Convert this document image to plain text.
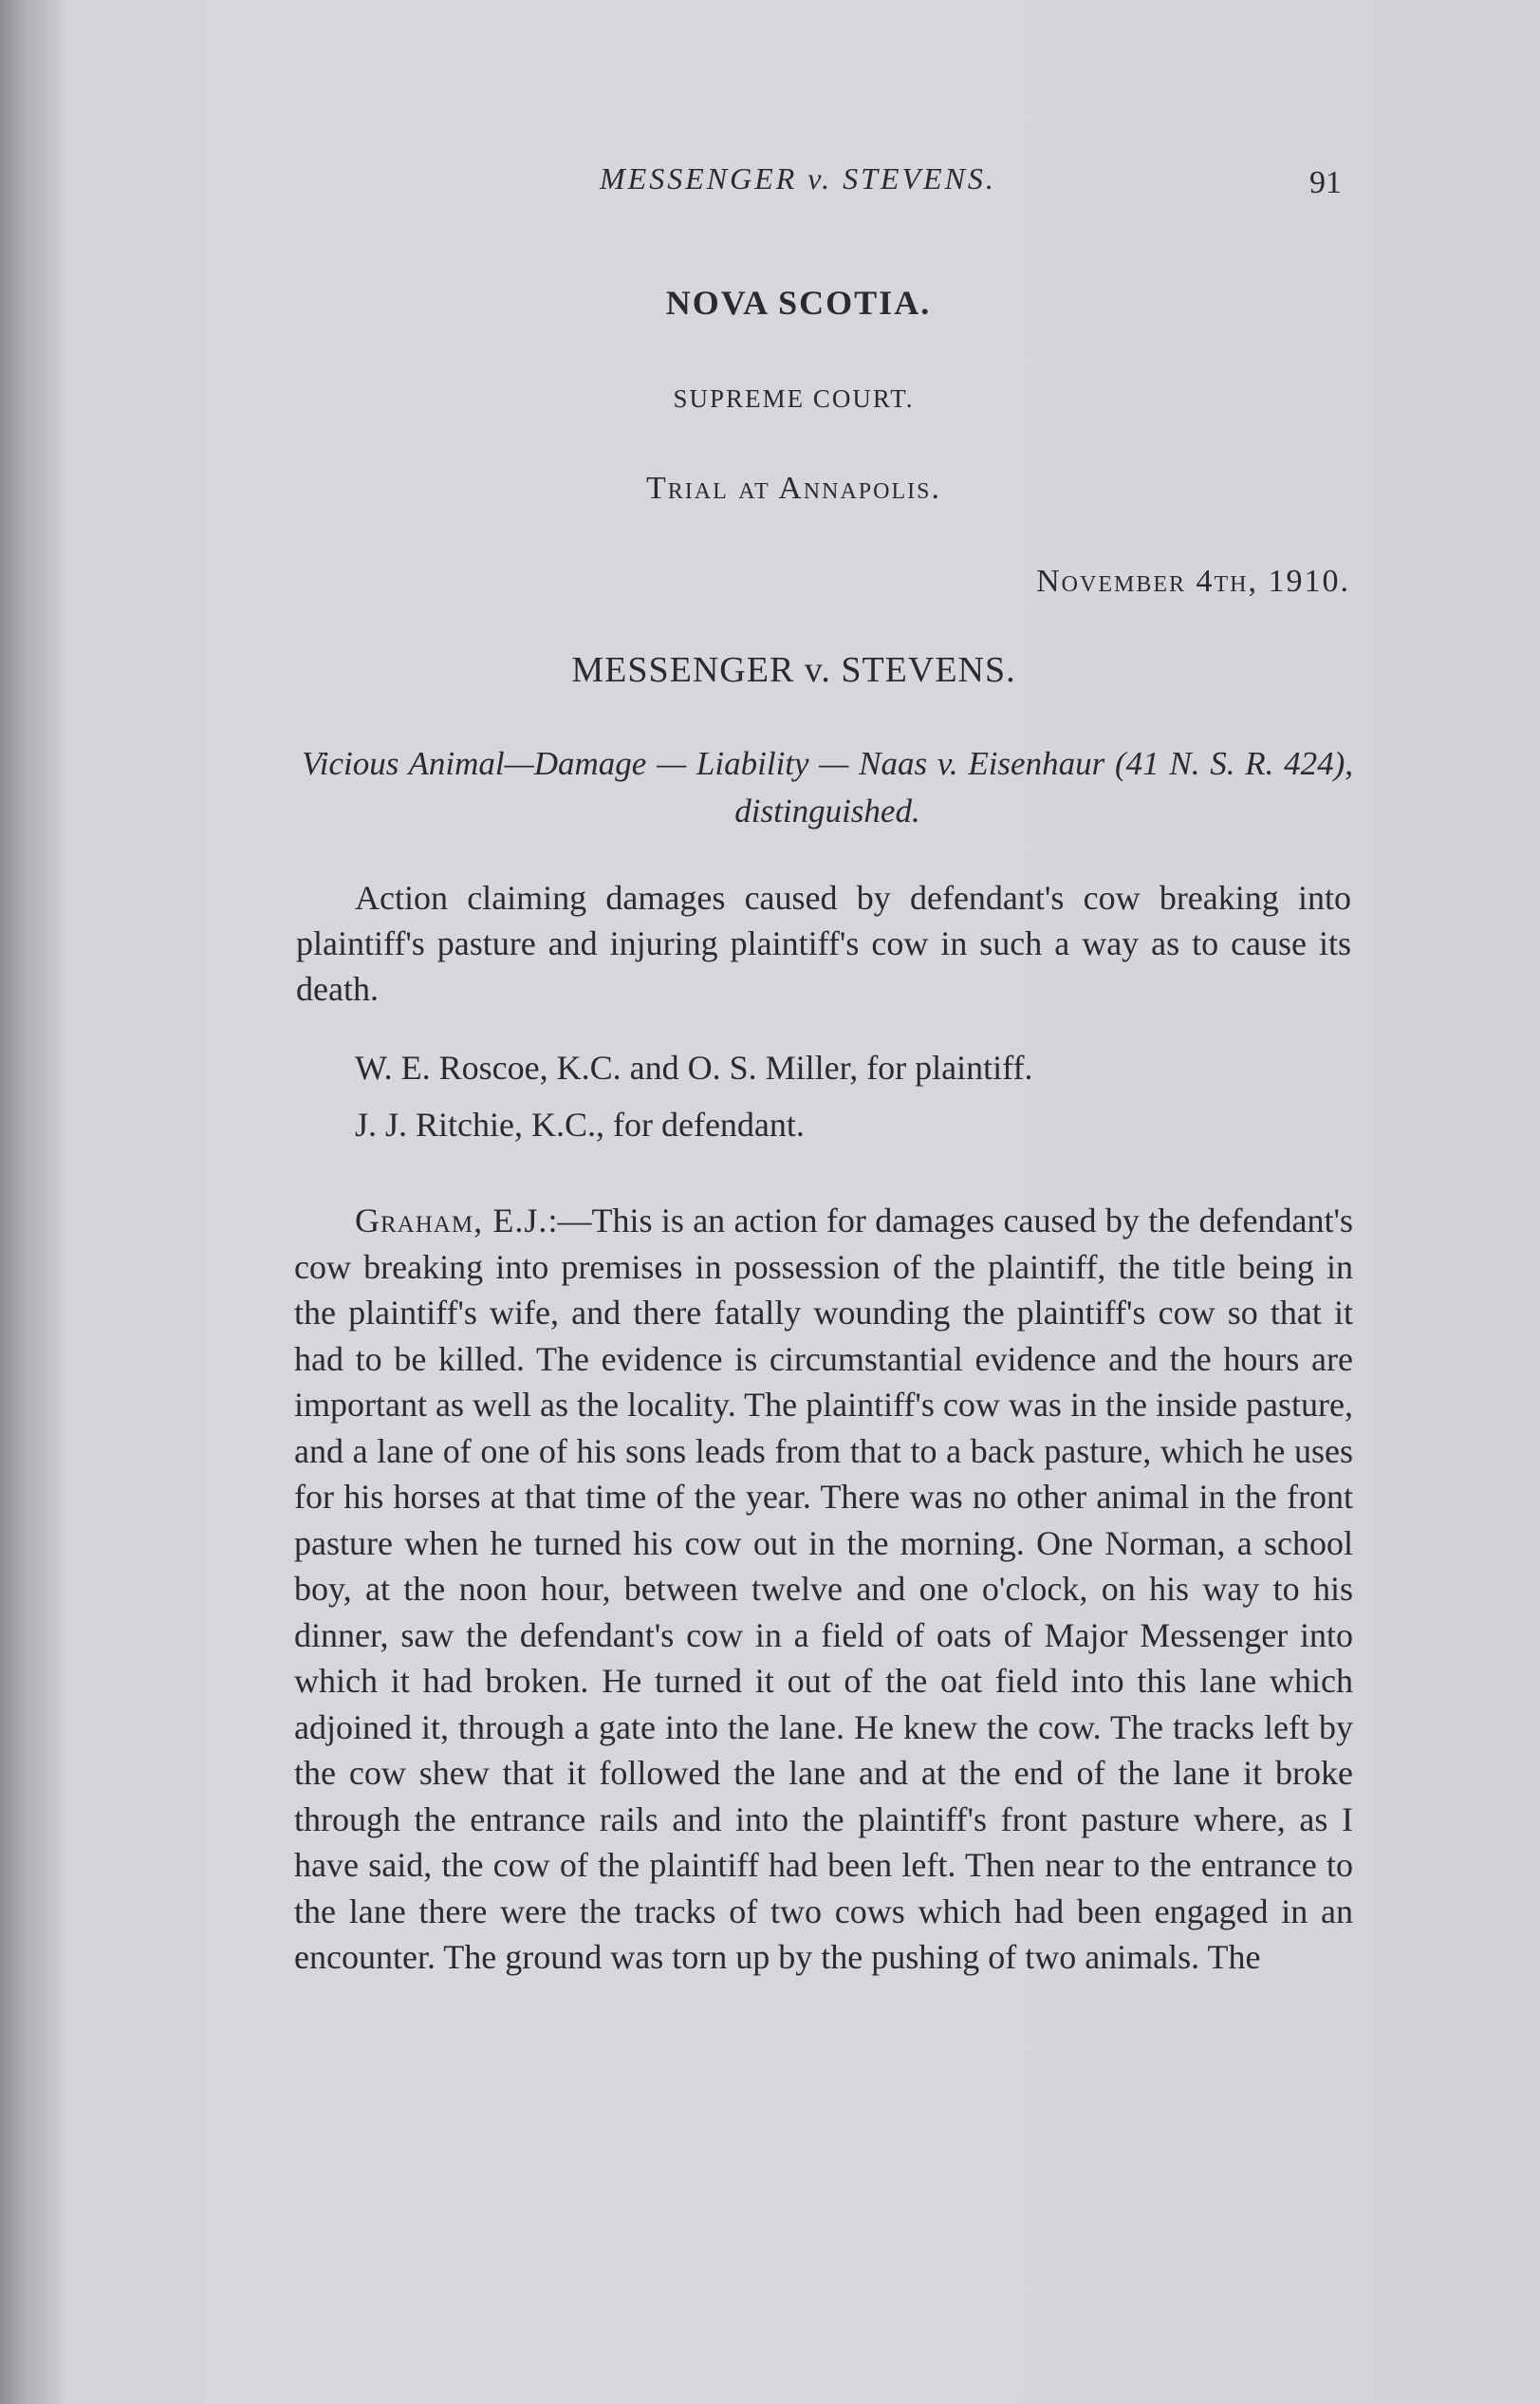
MESSENGER v. STEVENS.	91
NOVA SCOTIA.
SUPREME COURT.
Trial at Annapolis.
November 4th, 1910.
MESSENGER v. STEVENS.
Vicious Animal—Damage — Liability — Naas v. Eisenhaur (41 N. S. R. 424), distinguished.
Action claiming damages caused by defendant's cow breaking into plaintiff's pasture and injuring plaintiff's cow in such a way as to cause its death.
W. E. Roscoe, K.C. and O. S. Miller, for plaintiff.
J. J. Ritchie, K.C., for defendant.
Graham, E.J.:—This is an action for damages caused by the defendant's cow breaking into premises in possession of the plaintiff, the title being in the plaintiff's wife, and there fatally wounding the plaintiff's cow so that it had to be killed. The evidence is circumstantial evidence and the hours are important as well as the locality. The plaintiff's cow was in the inside pasture, and a lane of one of his sons leads from that to a back pasture, which he uses for his horses at that time of the year. There was no other animal in the front pasture when he turned his cow out in the morning. One Norman, a school boy, at the noon hour, between twelve and one o'clock, on his way to his dinner, saw the defendant's cow in a field of oats of Major Messenger into which it had broken. He turned it out of the oat field into this lane which adjoined it, through a gate into the lane. He knew the cow. The tracks left by the cow shew that it followed the lane and at the end of the lane it broke through the entrance rails and into the plaintiff's front pasture where, as I have said, the cow of the plaintiff had been left. Then near to the entrance to the lane there were the tracks of two cows which had been engaged in an encounter. The ground was torn up by the pushing of two animals. The
